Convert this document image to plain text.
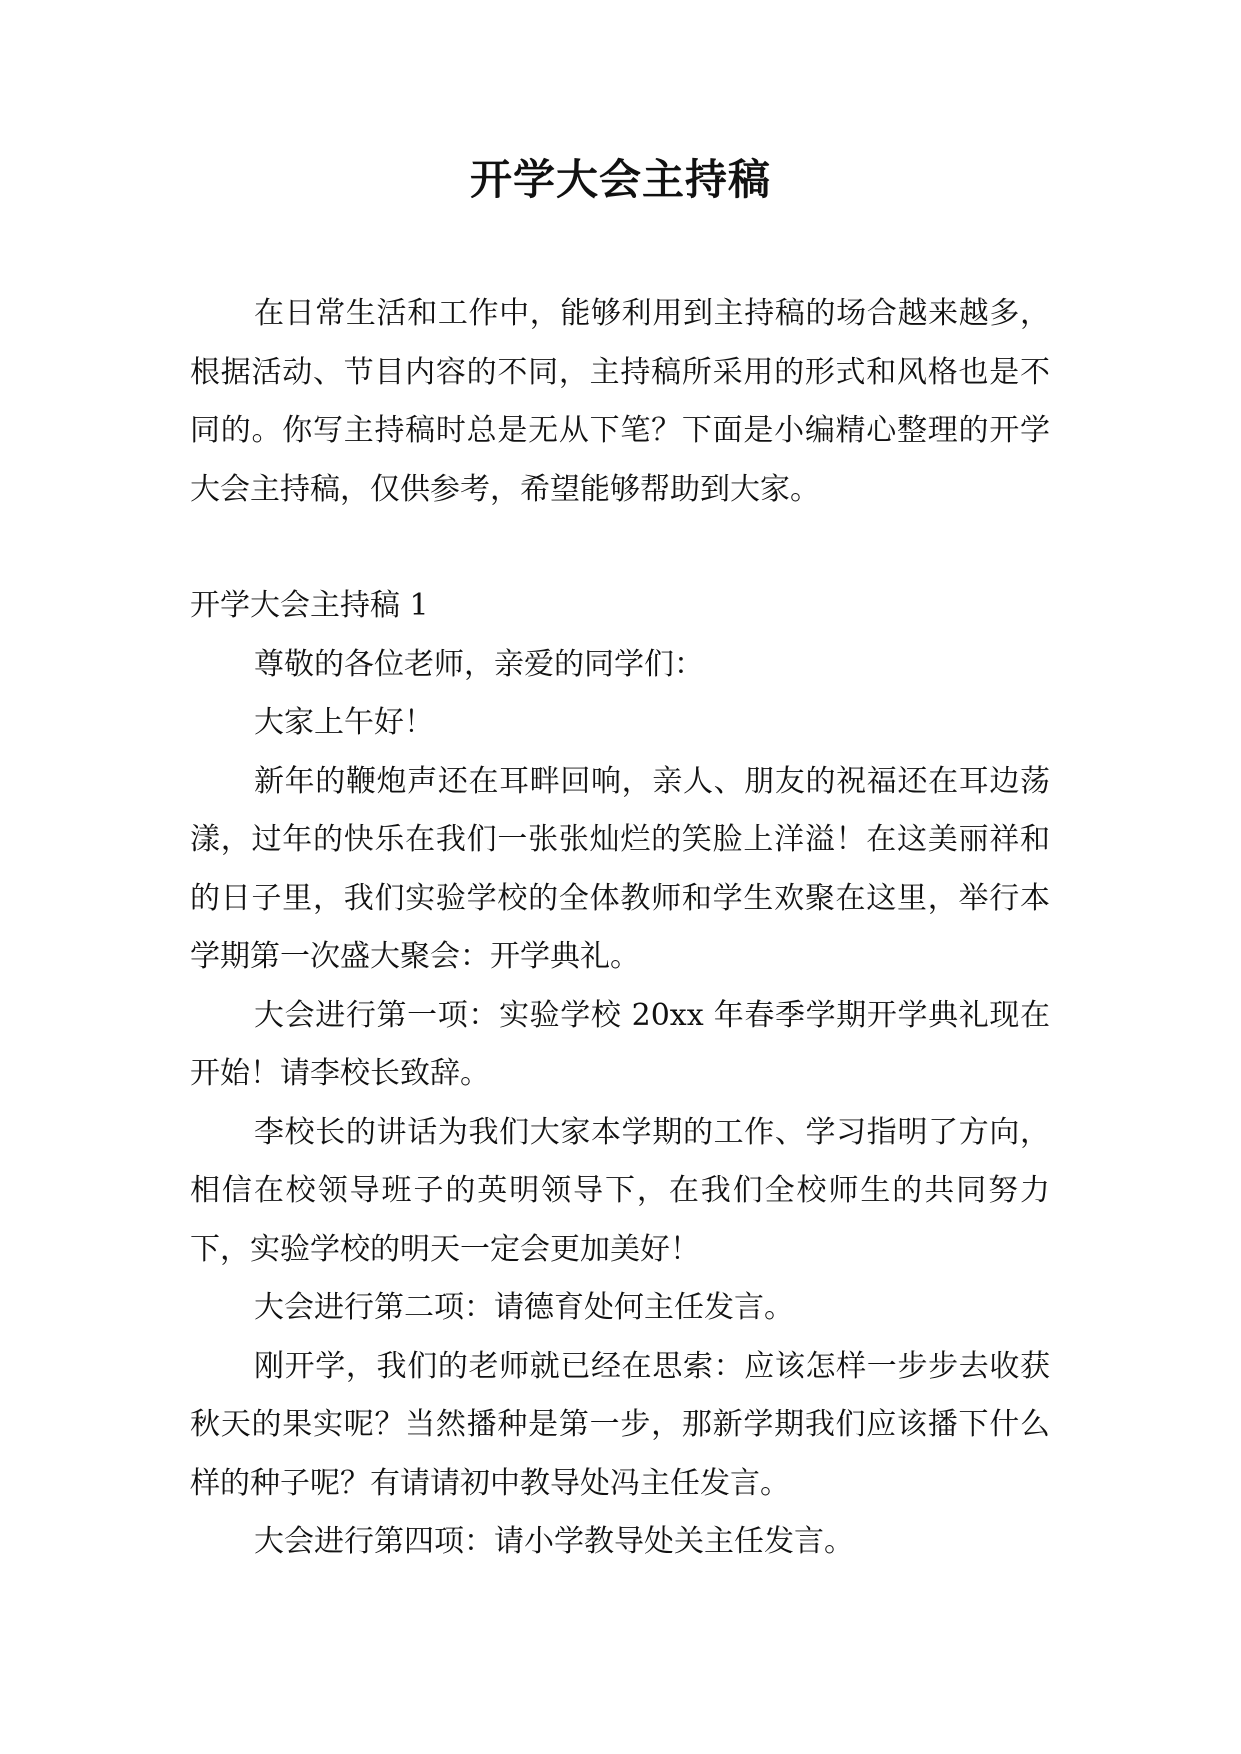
开学大会主持稿

在日常生活和工作中，能够利用到主持稿的场合越来越多，根据活动、节目内容的不同，主持稿所采用的形式和风格也是不同的。你写主持稿时总是无从下笔？下面是小编精心整理的开学大会主持稿，仅供参考，希望能够帮助到大家。

开学大会主持稿 1

尊敬的各位老师，亲爱的同学们：

大家上午好！

新年的鞭炮声还在耳畔回响，亲人、朋友的祝福还在耳边荡漾，过年的快乐在我们一张张灿烂的笑脸上洋溢！在这美丽祥和的日子里，我们实验学校的全体教师和学生欢聚在这里，举行本学期第一次盛大聚会：开学典礼。

大会进行第一项：实验学校 20xx 年春季学期开学典礼现在开始！请李校长致辞。

李校长的讲话为我们大家本学期的工作、学习指明了方向，相信在校领导班子的英明领导下，在我们全校师生的共同努力下，实验学校的明天一定会更加美好！

大会进行第二项：请德育处何主任发言。

刚开学，我们的老师就已经在思索：应该怎样一步步去收获秋天的果实呢？当然播种是第一步，那新学期我们应该播下什么样的种子呢？有请请初中教导处冯主任发言。

大会进行第四项：请小学教导处关主任发言。
